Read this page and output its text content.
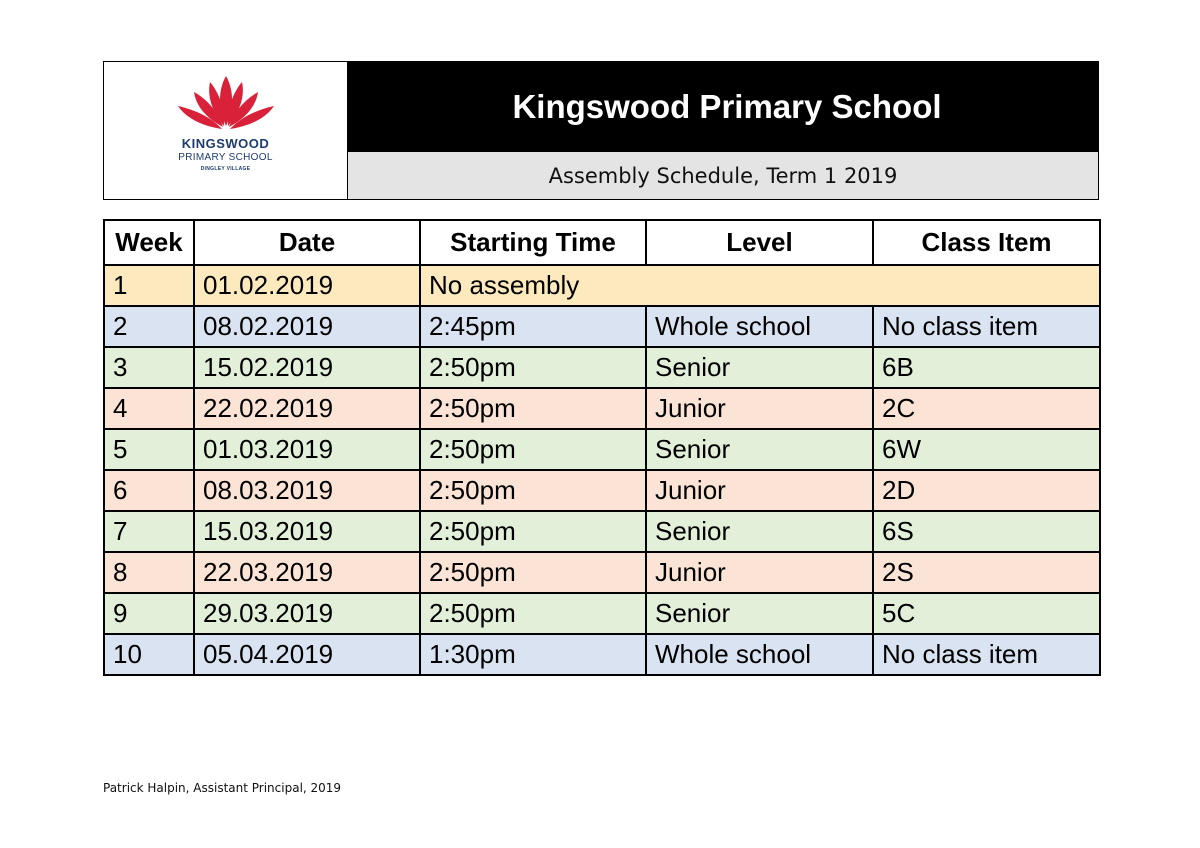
KINGSWOOD
PRIMARY SCHOOL
DINGLEY VILLAGE
Kingswood Primary School
Assembly Schedule, Term 1 2019
Week	Date	Starting Time	Level	Class Item
1	01.02.2019	No assembly		
2	08.02.2019	2:45pm	Whole school	No class item
3	15.02.2019	2:50pm	Senior	6B
4	22.02.2019	2:50pm	Junior	2C
5	01.03.2019	2:50pm	Senior	6W
6	08.03.2019	2:50pm	Junior	2D
7	15.03.2019	2:50pm	Senior	6S
8	22.03.2019	2:50pm	Junior	2S
9	29.03.2019	2:50pm	Senior	5C
10	05.04.2019	1:30pm	Whole school	No class item
Patrick Halpin, Assistant Principal, 2019
